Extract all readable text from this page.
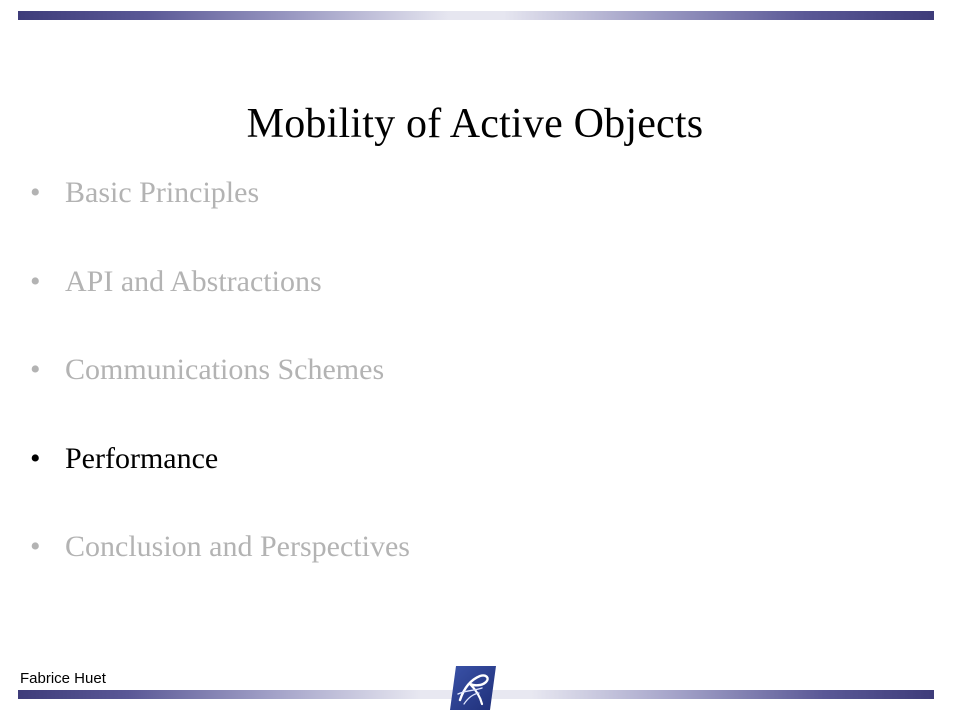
Mobility of Active Objects
• Basic Principles
• API and Abstractions
• Communications Schemes
• Performance
• Conclusion and Perspectives
Fabrice Huet
